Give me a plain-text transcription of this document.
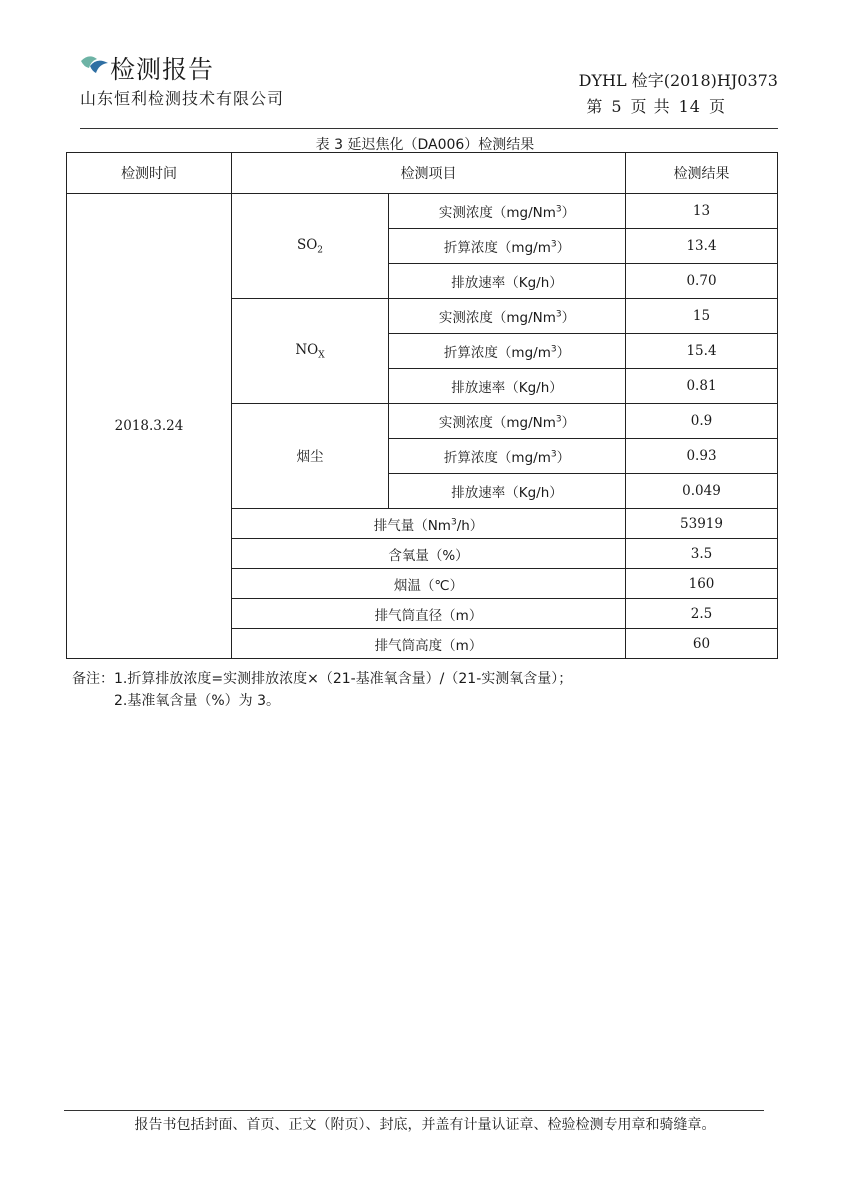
检测报告
山东恒利检测技术有限公司
DYHL 检字(2018)HJ0373
第 5 页 共 14 页
表 3 延迟焦化（DA006）检测结果
检测时间	检测项目		检测结果
2018.3.24	$SO_2$	实测浓度（mg/Nm$^3$）	13
		折算浓度$(mg/m^3)$	13.4
		排放速率（Kg/h）	0.70
	$NO_X$	实测浓度（mg/Nm$^3$）	15
		折算浓度$(mg/m^3)$	15.4
		排放速率（Kg/h）	0.81
	烟尘	实测浓度（mg/Nm$^3$）	0.9
		折算浓度$(mg/m^3)$	0.93
		排放速率（Kg/h）	0.049
	排气量（Nm$^3$/h）		53919
	含氧量（%）		3.5
	烟温（℃）		160
	排气筒直径（m）		2.5
	排气筒高度（m）		60
备注：1.折算排放浓度=实测排放浓度×（21-基准氧含量）/（21-实测氧含量）；
2.基准氧含量（%）为 3。
报告书包括封面、首页、正文（附页）、封底，并盖有计量认证章、检验检测专用章和骑缝章。
